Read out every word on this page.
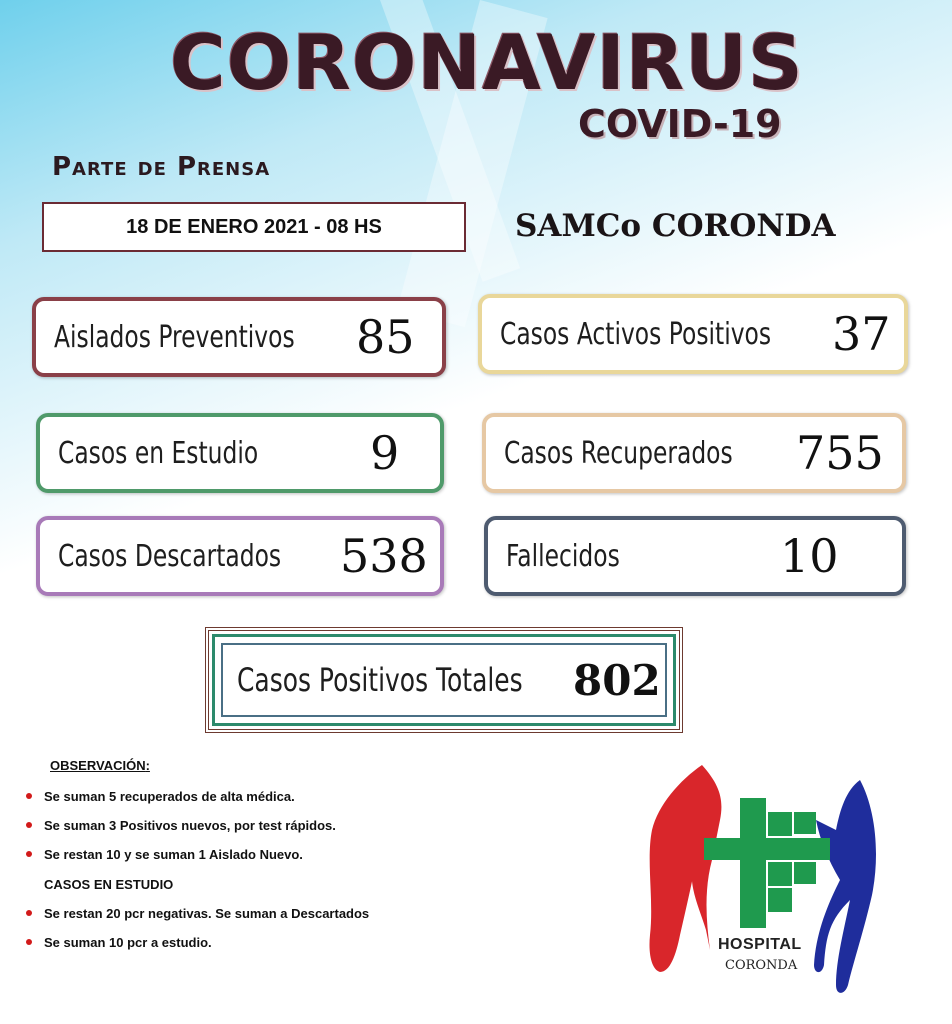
CORONAVIRUS
COVID-19
Parte de Prensa
18 DE ENERO 2021 - 08 HS	SAMCo CORONDA
Aislados Preventivos 85	Casos Activos Positivos 37
Casos en Estudio 9	Casos Recuperados 755
Casos Descartados 538	Fallecidos	10
Casos Positivos Totales 802
OBSERVACIÓN:
Se suman 5 recuperados de alta médica.
Se suman 3 Positivos nuevos, por test rápidos.
Se restan 10 y se suman 1 Aislado Nuevo.
CASOS EN ESTUDIO
Se restan 20 pcr negativas. Se suman a Descartados
Se suman 10 pcr a estudio.	HOSPITAL
CORONDA
